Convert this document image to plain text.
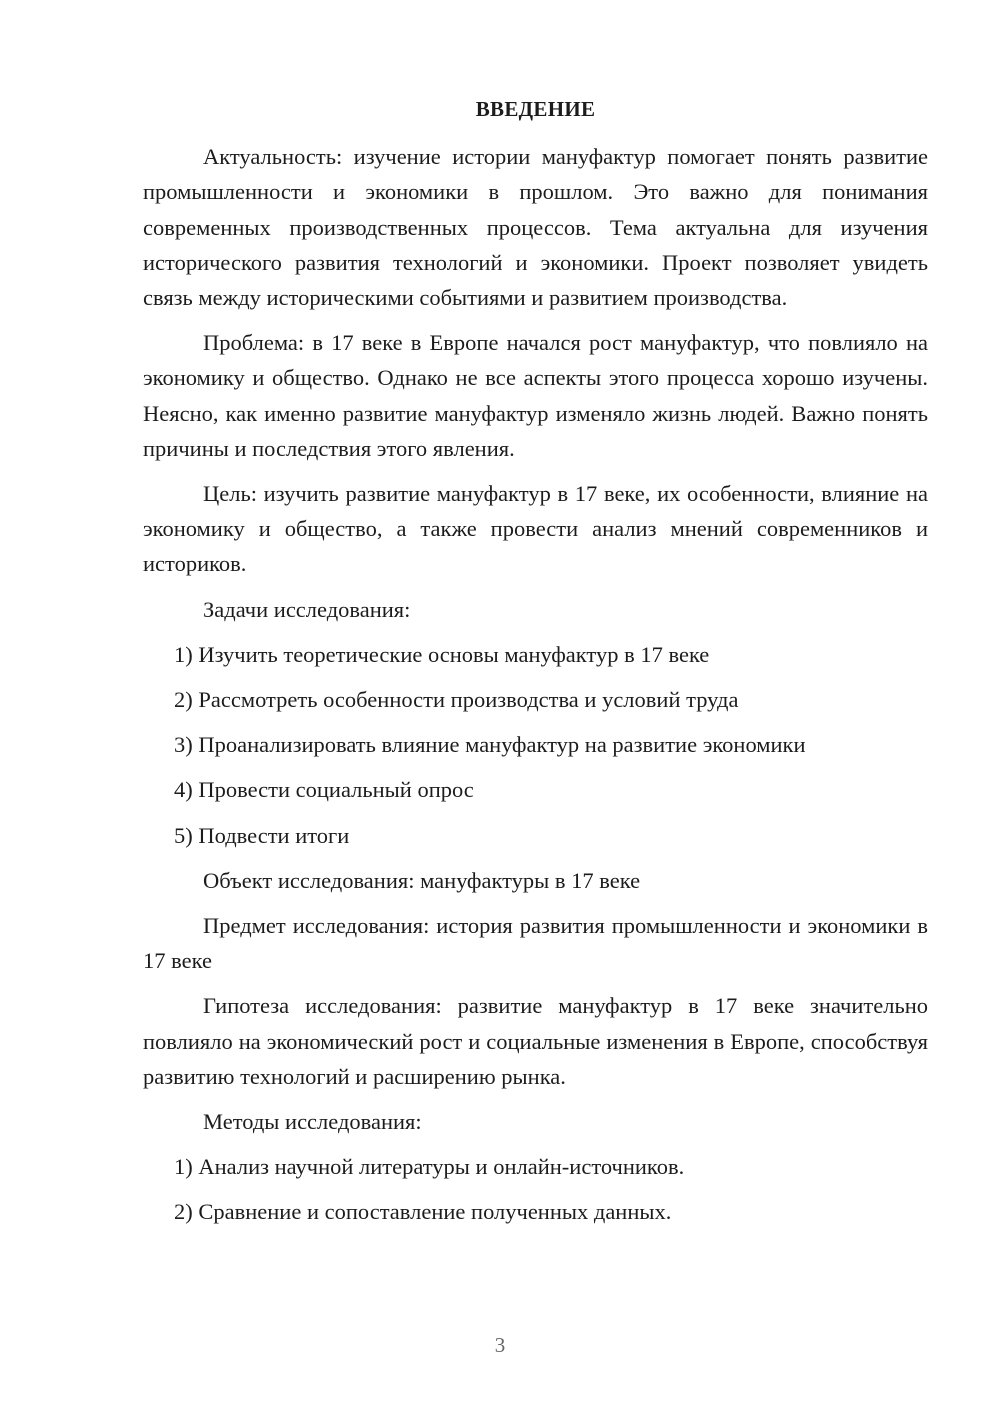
ВВЕДЕНИЕ

Актуальность: изучение истории мануфактур помогает понять развитие промышленности и экономики в прошлом. Это важно для понимания современных производственных процессов. Тема актуальна для изучения исторического развития технологий и экономики. Проект позволяет увидеть связь между историческими событиями и развитием производства.

Проблема: в 17 веке в Европе начался рост мануфактур, что повлияло на экономику и общество. Однако не все аспекты этого процесса хорошо изучены. Неясно, как именно развитие мануфактур изменяло жизнь людей. Важно понять причины и последствия этого явления.

Цель: изучить развитие мануфактур в 17 веке, их особенности, влияние на экономику и общество, а также провести анализ мнений современников и историков.

Задачи исследования:
1) Изучить теоретические основы мануфактур в 17 веке
2) Рассмотреть особенности производства и условий труда
3) Проанализировать влияние мануфактур на развитие экономики
4) Провести социальный опрос
5) Подвести итоги
Объект исследования: мануфактуры в 17 веке

Предмет исследования: история развития промышленности и экономики в 17 веке

Гипотеза исследования: развитие мануфактур в 17 веке значительно повлияло на экономический рост и социальные изменения в Европе, способствуя развитию технологий и расширению рынка.

Методы исследования:
1) Анализ научной литературы и онлайн-источников.
2) Сравнение и сопоставление полученных данных.
3
